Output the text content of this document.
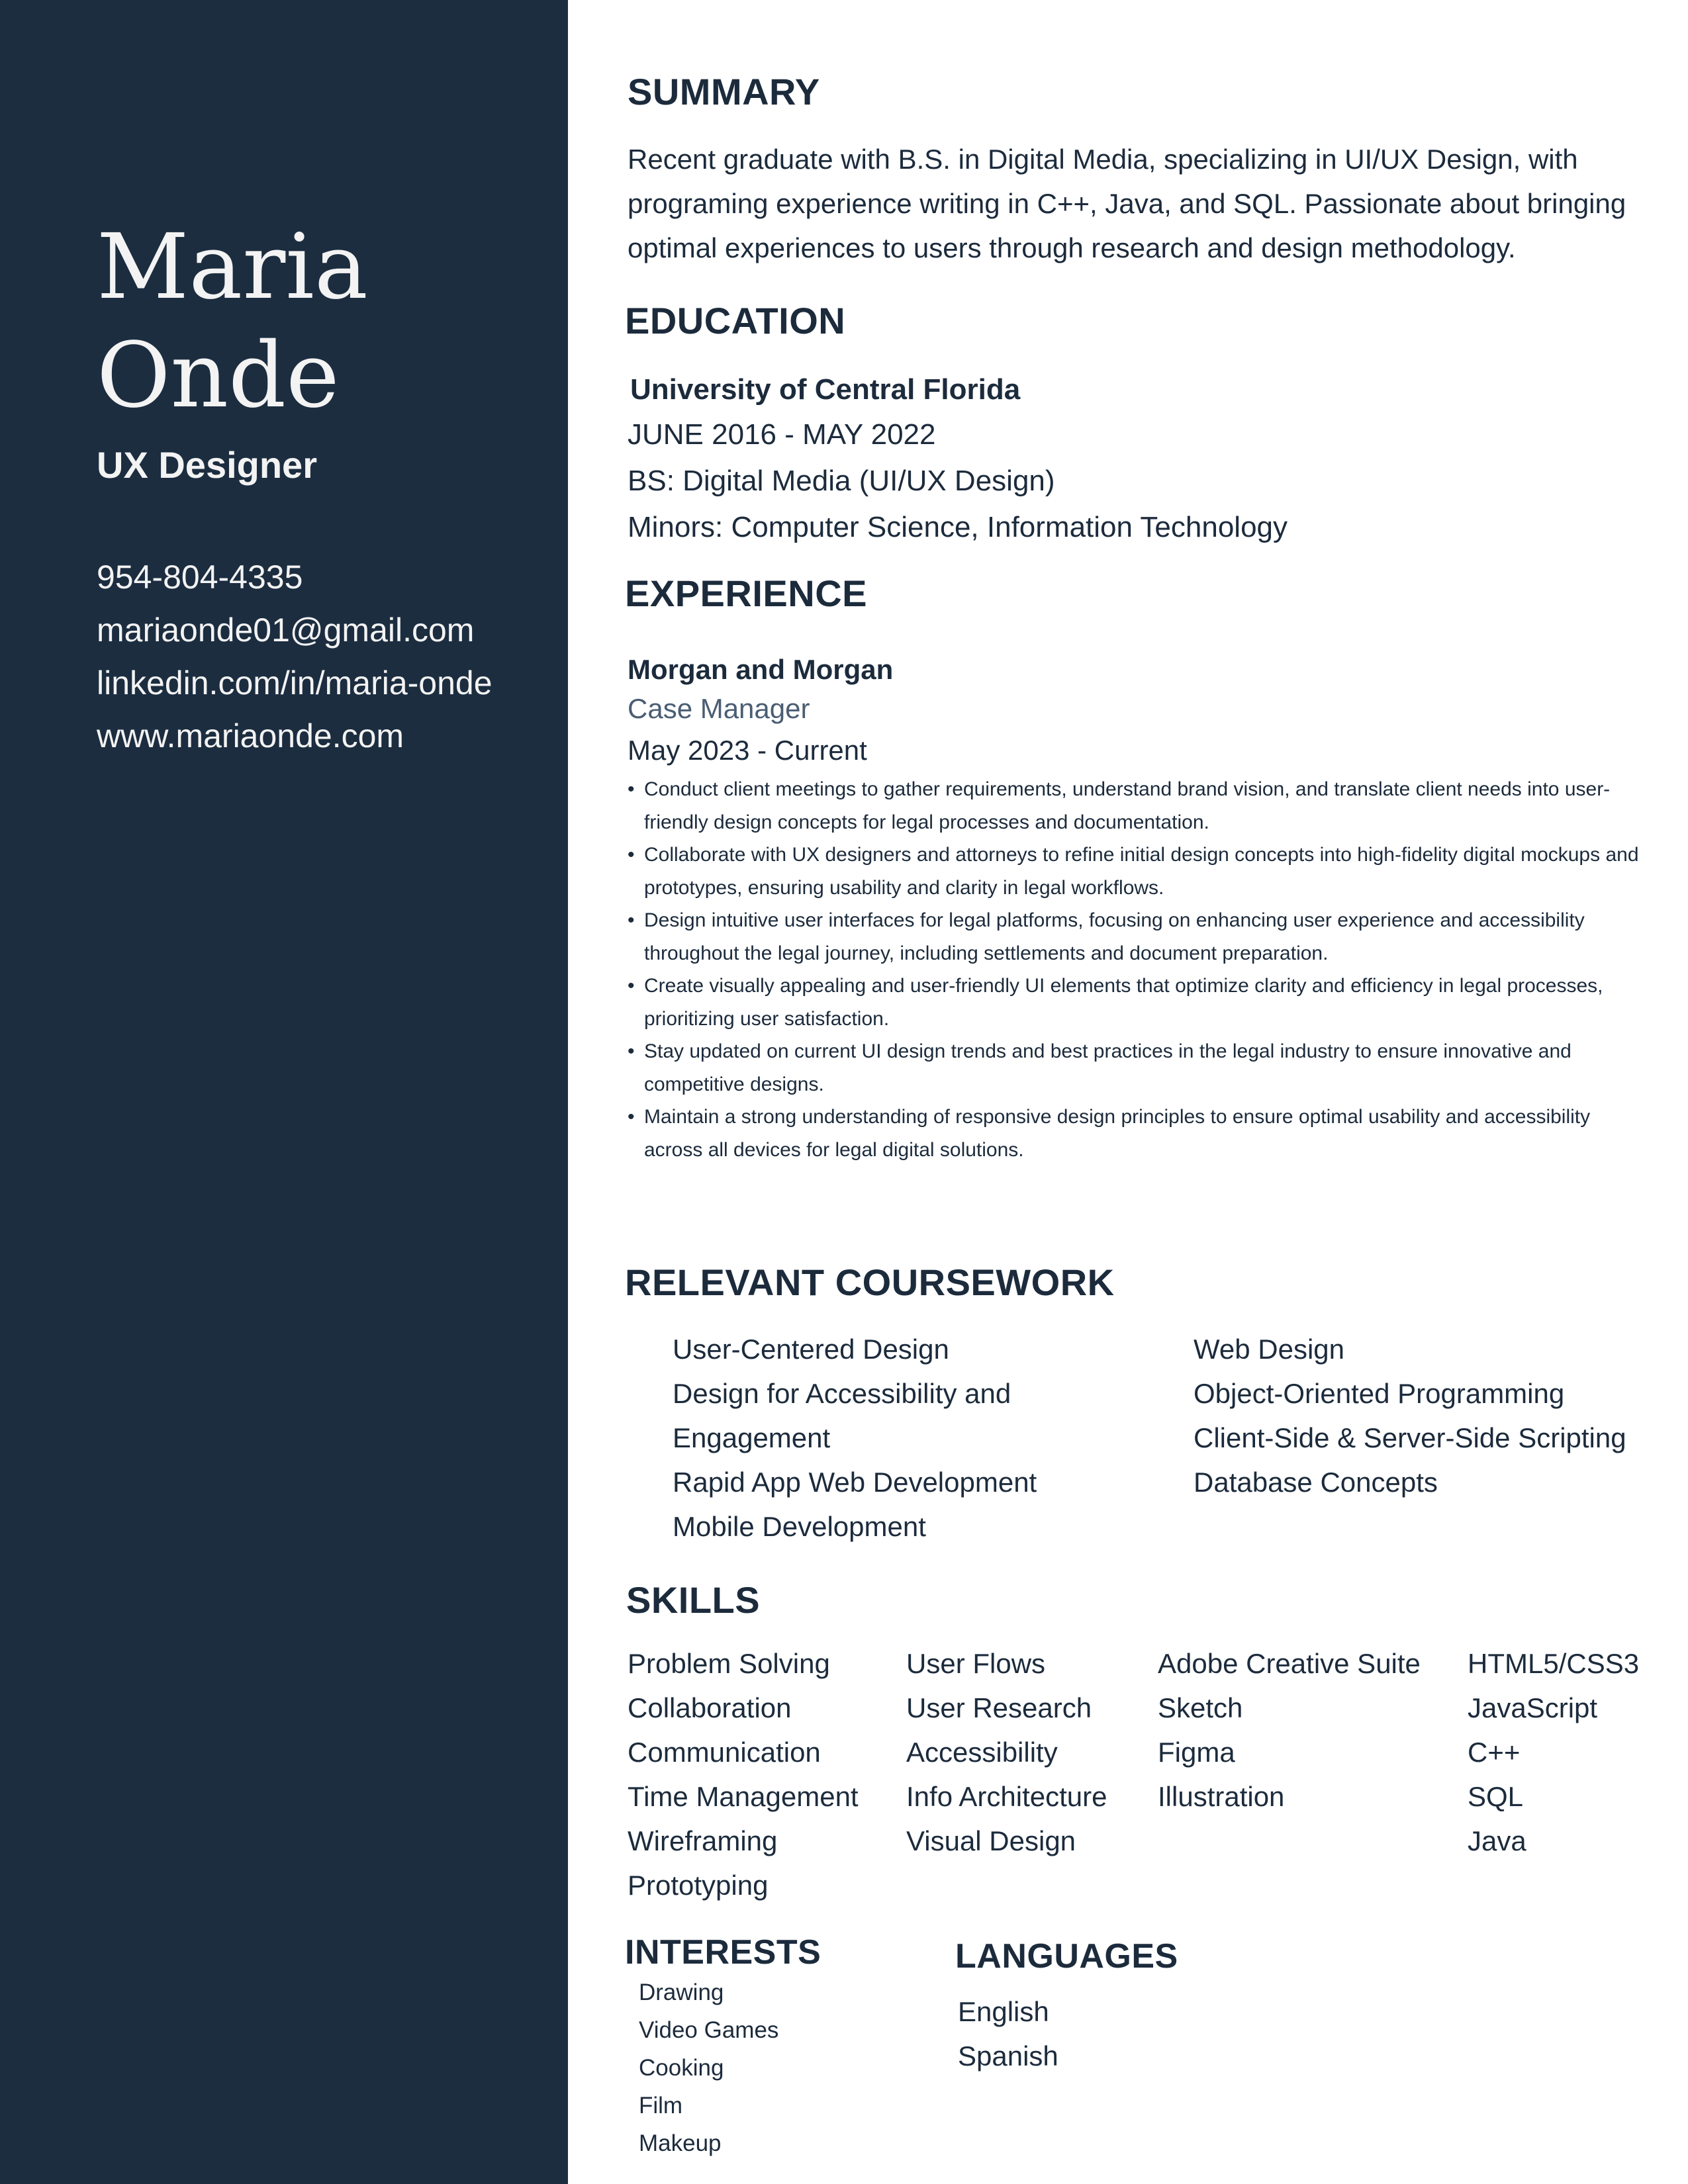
Maria
Onde
UX Designer
954-804-4335
mariaonde01@gmail.com
linkedin.com/in/maria-onde
www.mariaonde.com
SUMMARY
Recent graduate with B.S. in Digital Media, specializing in UI/UX Design, with programing experience writing in C++, Java, and SQL. Passionate about bringing optimal experiences to users through research and design methodology.
EDUCATION
University of Central Florida
JUNE 2016 - MAY 2022
BS: Digital Media (UI/UX Design)
Minors: Computer Science, Information Technology
EXPERIENCE
Morgan and Morgan
Case Manager
May 2023 - Current
• Conduct client meetings to gather requirements, understand brand vision, and translate client needs into user-friendly design concepts for legal processes and documentation.
• Collaborate with UX designers and attorneys to refine initial design concepts into high-fidelity digital mockups and prototypes, ensuring usability and clarity in legal workflows.
• Design intuitive user interfaces for legal platforms, focusing on enhancing user experience and accessibility throughout the legal journey, including settlements and document preparation.
• Create visually appealing and user-friendly UI elements that optimize clarity and efficiency in legal processes, prioritizing user satisfaction.
• Stay updated on current UI design trends and best practices in the legal industry to ensure innovative and competitive designs.
• Maintain a strong understanding of responsive design principles to ensure optimal usability and accessibility across all devices for legal digital solutions.
RELEVANT COURSEWORK
User-Centered Design
Design for Accessibility and Engagement
Rapid App Web Development
Mobile Development
Web Design
Object-Oriented Programming
Client-Side & Server-Side Scripting
Database Concepts
SKILLS
Problem Solving
Collaboration
Communication
Time Management
Wireframing
Prototyping
User Flows
User Research
Accessibility
Info Architecture
Visual Design
Adobe Creative Suite
Sketch
Figma
Illustration
HTML5/CSS3
JavaScript
C++
SQL
Java
INTERESTS
Drawing
Video Games
Cooking
Film
Makeup
LANGUAGES
English
Spanish
